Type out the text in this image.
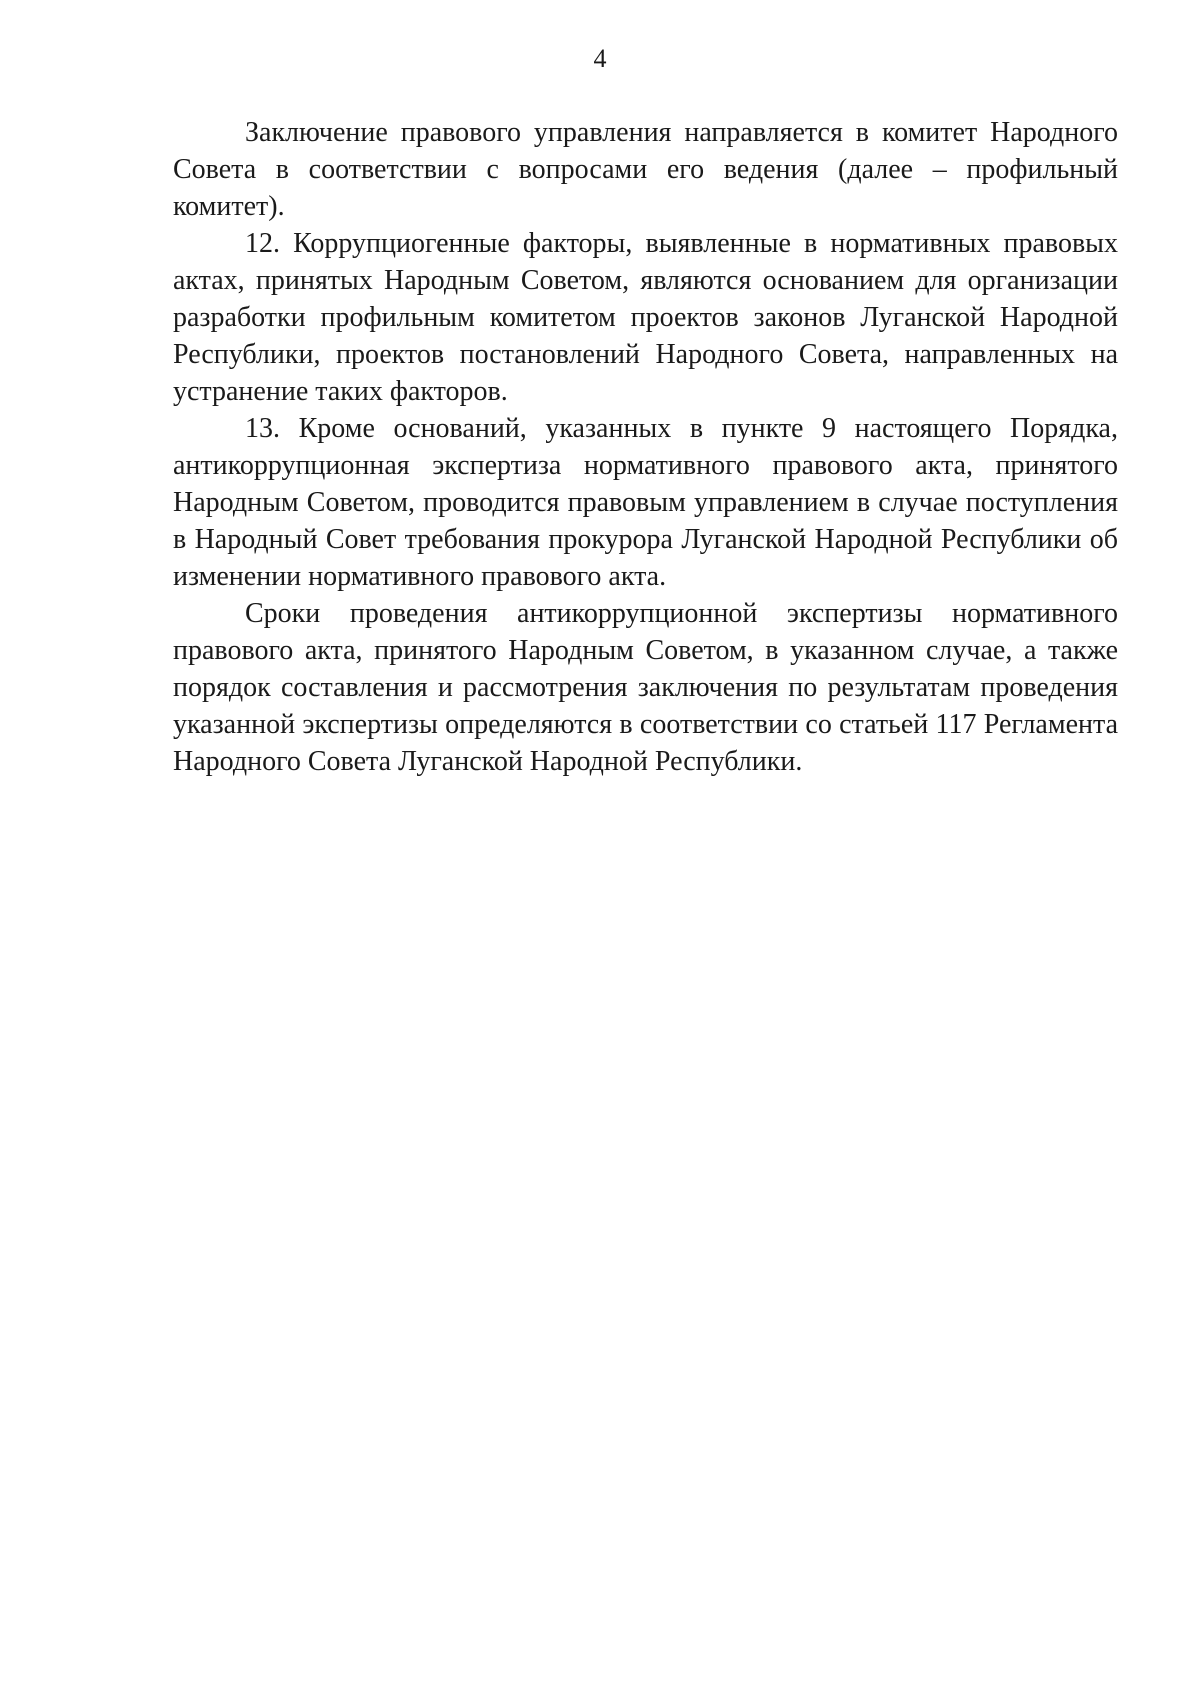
4

Заключение правового управления направляется в комитет Народного Совета в соответствии с вопросами его ведения (далее – профильный комитет).

12. Коррупциогенные факторы, выявленные в нормативных правовых актах, принятых Народным Советом, являются основанием для организации разработки профильным комитетом проектов законов Луганской Народной Республики, проектов постановлений Народного Совета, направленных на устранение таких факторов.

13. Кроме оснований, указанных в пункте 9 настоящего Порядка, антикоррупционная экспертиза нормативного правового акта, принятого Народным Советом, проводится правовым управлением в случае поступления в Народный Совет требования прокурора Луганской Народной Республики об изменении нормативного правового акта.

Сроки проведения антикоррупционной экспертизы нормативного правового акта, принятого Народным Советом, в указанном случае, а также порядок составления и рассмотрения заключения по результатам проведения указанной экспертизы определяются в соответствии со статьей 117 Регламента Народного Совета Луганской Народной Республики.
